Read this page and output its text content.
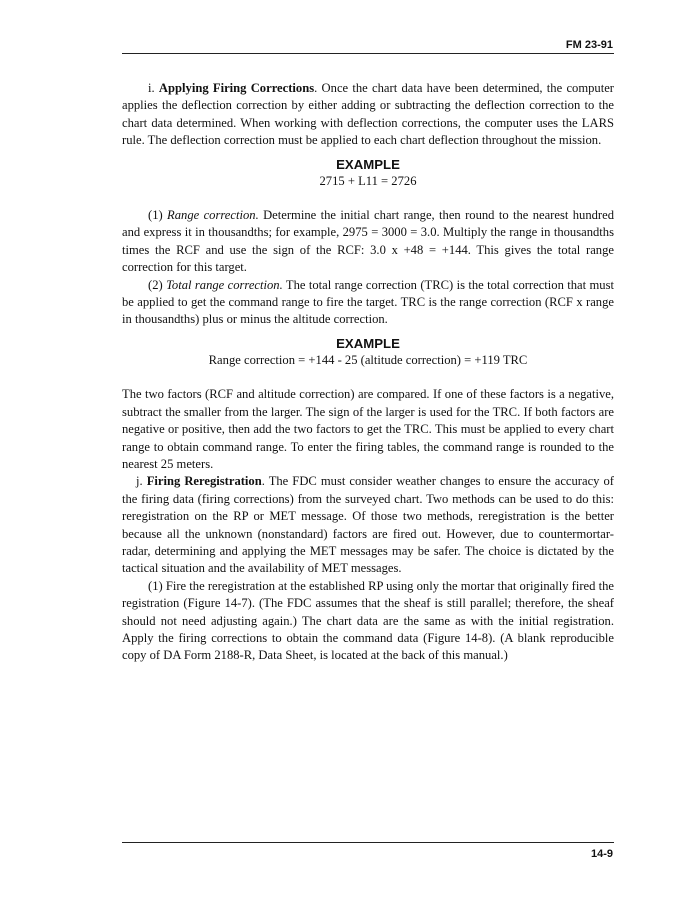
FM 23-91

i. Applying Firing Corrections. Once the chart data have been determined, the computer applies the deflection correction by either adding or subtracting the deflection correction to the chart data determined. When working with deflection corrections, the computer uses the LARS rule. The deflection correction must be applied to each chart deflection throughout the mission.

EXAMPLE
2715 + L11 = 2726

(1) Range correction. Determine the initial chart range, then round to the nearest hundred and express it in thousandths; for example, 2975 = 3000 = 3.0. Multiply the range in thousandths times the RCF and use the sign of the RCF: 3.0 x +48 = +144. This gives the total range correction for this target.

(2) Total range correction. The total range correction (TRC) is the total correction that must be applied to get the command range to fire the target. TRC is the range correction (RCF x range in thousandths) plus or minus the altitude correction.

EXAMPLE
Range correction = +144 - 25 (altitude correction) = +119 TRC

The two factors (RCF and altitude correction) are compared. If one of these factors is a negative, subtract the smaller from the larger. The sign of the larger is used for the TRC. If both factors are negative or positive, then add the two factors to get the TRC. This must be applied to every chart range to obtain command range. To enter the firing tables, the command range is rounded to the nearest 25 meters.

j. Firing Reregistration. The FDC must consider weather changes to ensure the accuracy of the firing data (firing corrections) from the surveyed chart. Two methods can be used to do this: reregistration on the RP or MET message. Of those two methods, reregistration is the better because all the unknown (nonstandard) factors are fired out. However, due to countermortar-radar, determining and applying the MET messages may be safer. The choice is dictated by the tactical situation and the availability of MET messages.

(1) Fire the reregistration at the established RP using only the mortar that originally fired the registration (Figure 14-7). (The FDC assumes that the sheaf is still parallel; therefore, the sheaf should not need adjusting again.) The chart data are the same as with the initial registration. Apply the firing corrections to obtain the command data (Figure 14-8). (A blank reproducible copy of DA Form 2188-R, Data Sheet, is located at the back of this manual.)

14-9
